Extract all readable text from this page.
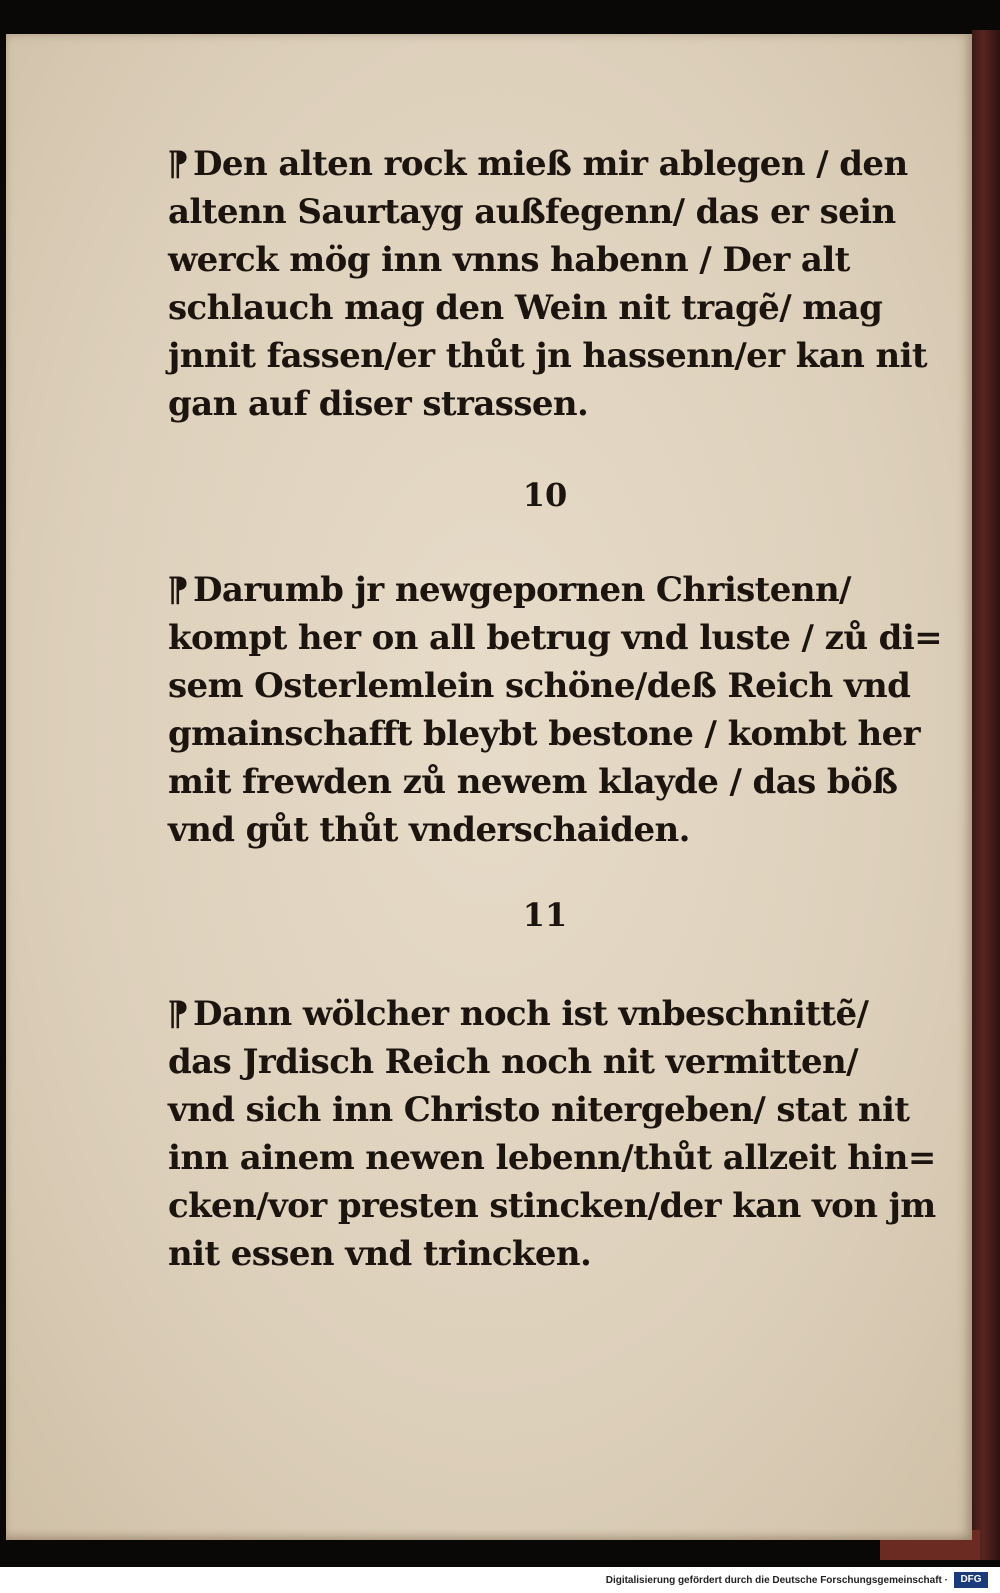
¶ Den alten rock mieß mir ablegen / den
altenn Saurtayg außfegenn/ das er sein
werck mög inn vnns habenn / Der alt
schlauch mag den Wein nit tragẽ/ mag
jnnit fassen/er thůt jn hassenn/er kan nit
gan auf diser strassen.
10
¶ Darumb jr newgepornen Christenn/
kompt her on all betrug vnd luste / zů di=
sem Osterlemlein schöne/deß Reich vnd
gmainschafft bleybt bestone / kombt her
mit frewden zů newem klayde / das böß
vnd gůt thůt vnderschaiden.
11
¶ Dann wölcher noch ist vnbeschnittẽ/
das Jrdisch Reich noch nit vermitten/
vnd sich inn Christo nitergeben/ stat nit
inn ainem newen lebenn/thůt allzeit hin=
cken/vor presten stincken/der kan von jm
nit essen vnd trincken.
Digitalisierung gefördert durch die Deutsche Forschungsgemeinschaft ·	DFG
